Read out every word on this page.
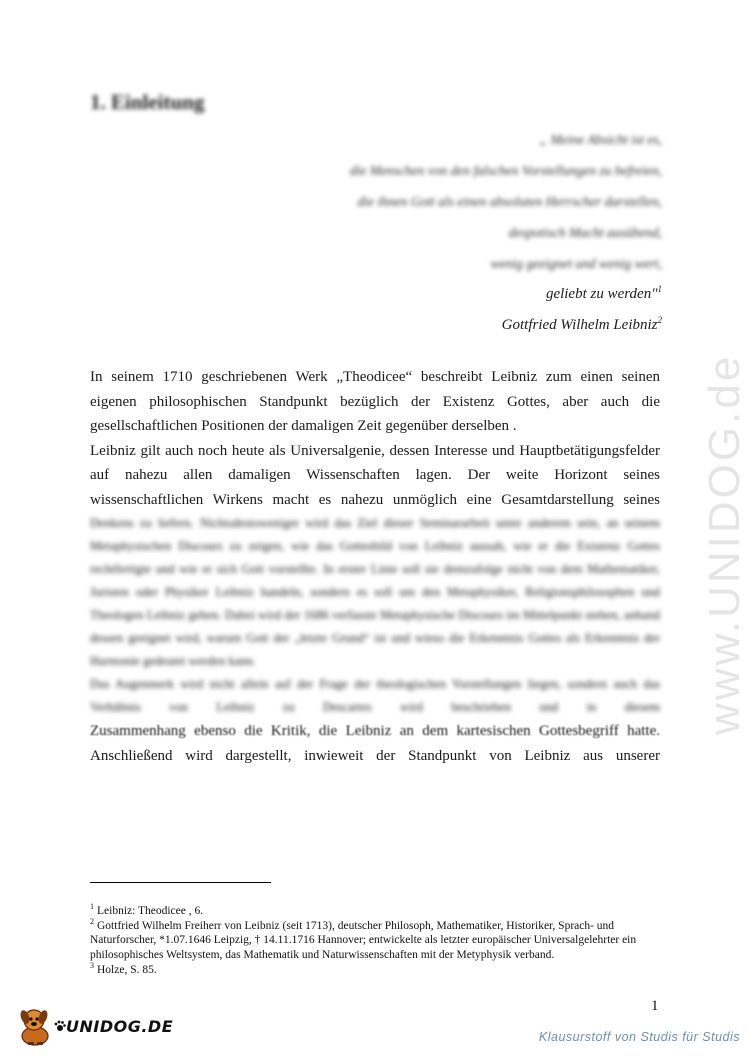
1. Einleitung
„ Meine Absicht ist es,
die Menschen von den falschen Vorstellungen zu befreien,
die ihnen Gott als einen absoluten Herrscher darstellen,
despotisch Macht ausübend,
wenig geeignet und wenig wert,
geliebt zu werden"$^1$
Gottfried Wilhelm Leibniz$^2$

In seinem 1710 geschriebenen Werk „Theodicee“ beschreibt Leibniz zum einen seinen eigenen philosophischen Standpunkt bezüglich der Existenz Gottes, aber auch die gesellschaftlichen Positionen der damaligen Zeit gegenüber derselben .

Leibniz gilt auch noch heute als Universalgenie, dessen Interesse und Hauptbetätigungsfelder
auf nahezu allen damaligen Wissenschaften lagen. Der weite Horizont seines
wissenschaftlichen Wirkens macht es nahezu unmöglich eine Gesamtdarstellung seines

Denkens zu liefern. Nichtsdestoweniger wird das Ziel dieser Seminararbeit unter anderem sein, an seinem Metaphysischen Discours zu zeigen, wie das Gottesbild von Leibniz aussah, wie er die Existenz Gottes rechtfertigte und wie er sich Gott vorstellte. In erster Linie soll sie demzufolge nicht von dem Mathematiker, Juristen oder Physiker Leibniz handeln, sondern es soll um den Metaphysiker, Religionsphilosophen und Theologen Leibniz gehen. Dabei wird der 1686 verfasste Metaphysische Discours im Mittelpunkt stehen, anhand dessen geeignet wird, warum Gott der „letzte Grund“ ist und wieso die Erkenntnis Gottes als Erkenntnis der Harmonie gedeutet werden kann.

Das Augenmerk wird nicht allein auf der Frage der theologischen Vorstellungen liegen, sondern auch das Verhältnis von Leibniz zu Descartes wird beschrieben und in diesem

Zusammenhang ebenso die Kritik, die Leibniz an dem kartesischen Gottesbegriff hatte.
Anschließend wird dargestellt, inwieweit der Standpunkt von Leibniz aus unserer
$^1$ Leibniz: Theodicee , 6.
$^2$ Gottfried Wilhelm Freiherr von Leibniz (seit 1713), deutscher Philosoph, Mathematiker, Historiker, Sprach- und Naturforscher, *1.07.1646 Leipzig, † 14.11.1716 Hannover; entwickelte als letzter europäischer Universalgelehrter ein philosophisches Weltsystem, das Mathematik und Naturwissenschaften mit der Metyphysik verband.
$^3$ Holze, S. 85.
1
www.UNIDOG.de
UNIDOG.DE
Klausurstoff von Studis für Studis
